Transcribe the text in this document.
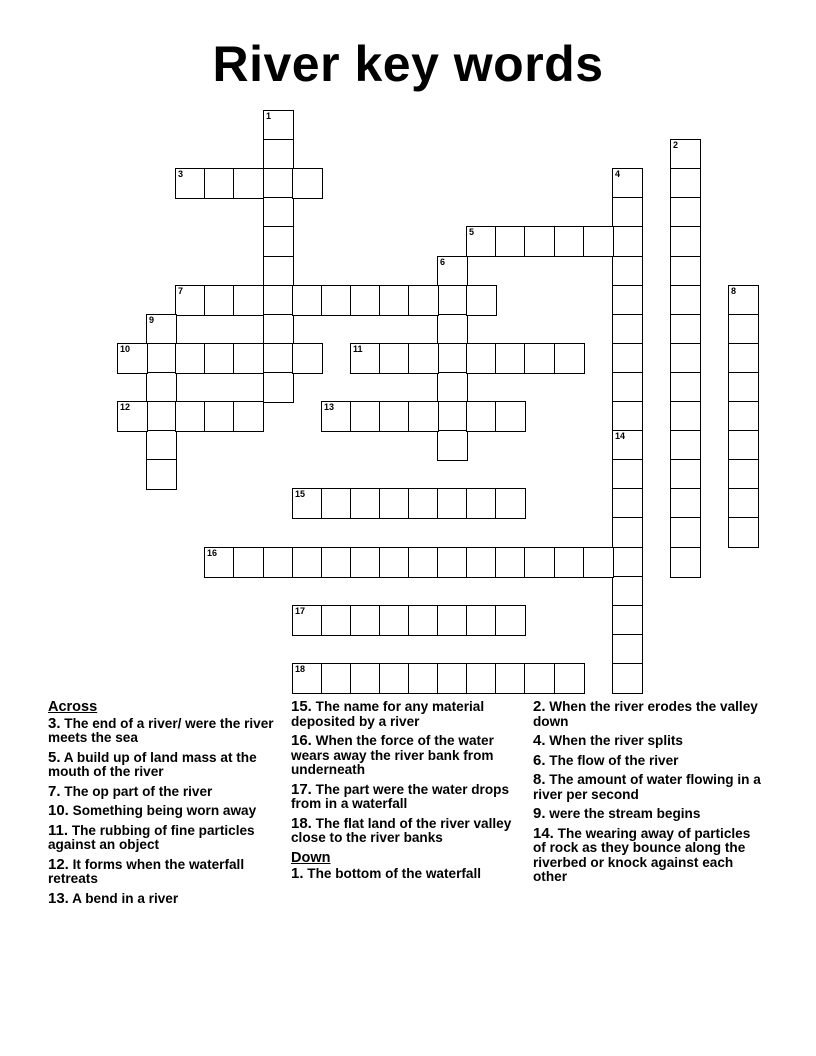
River key words
1
2
3	4
5
6
7	8
9
10	11
12	13
14
15
16
17
18
Across
3. The end of a river/ were the river meets the sea
5. A build up of land mass at the mouth of the river
7. The op part of the river
10. Something being worn away
11. The rubbing of fine particles against an object
12. It forms when the waterfall retreats
13. A bend in a river
15. The name for any material deposited by a river
16. When the force of the water wears away the river bank from underneath
17. The part were the water drops from in a waterfall
18. The flat land of the river valley close to the river banks
Down
1. The bottom of the waterfall
2. When the river erodes the valley down
4. When the river splits
6. The flow of the river
8. The amount of water flowing in a river per second
9. were the stream begins
14. The wearing away of particles of rock as they bounce along the riverbed or knock against each other
